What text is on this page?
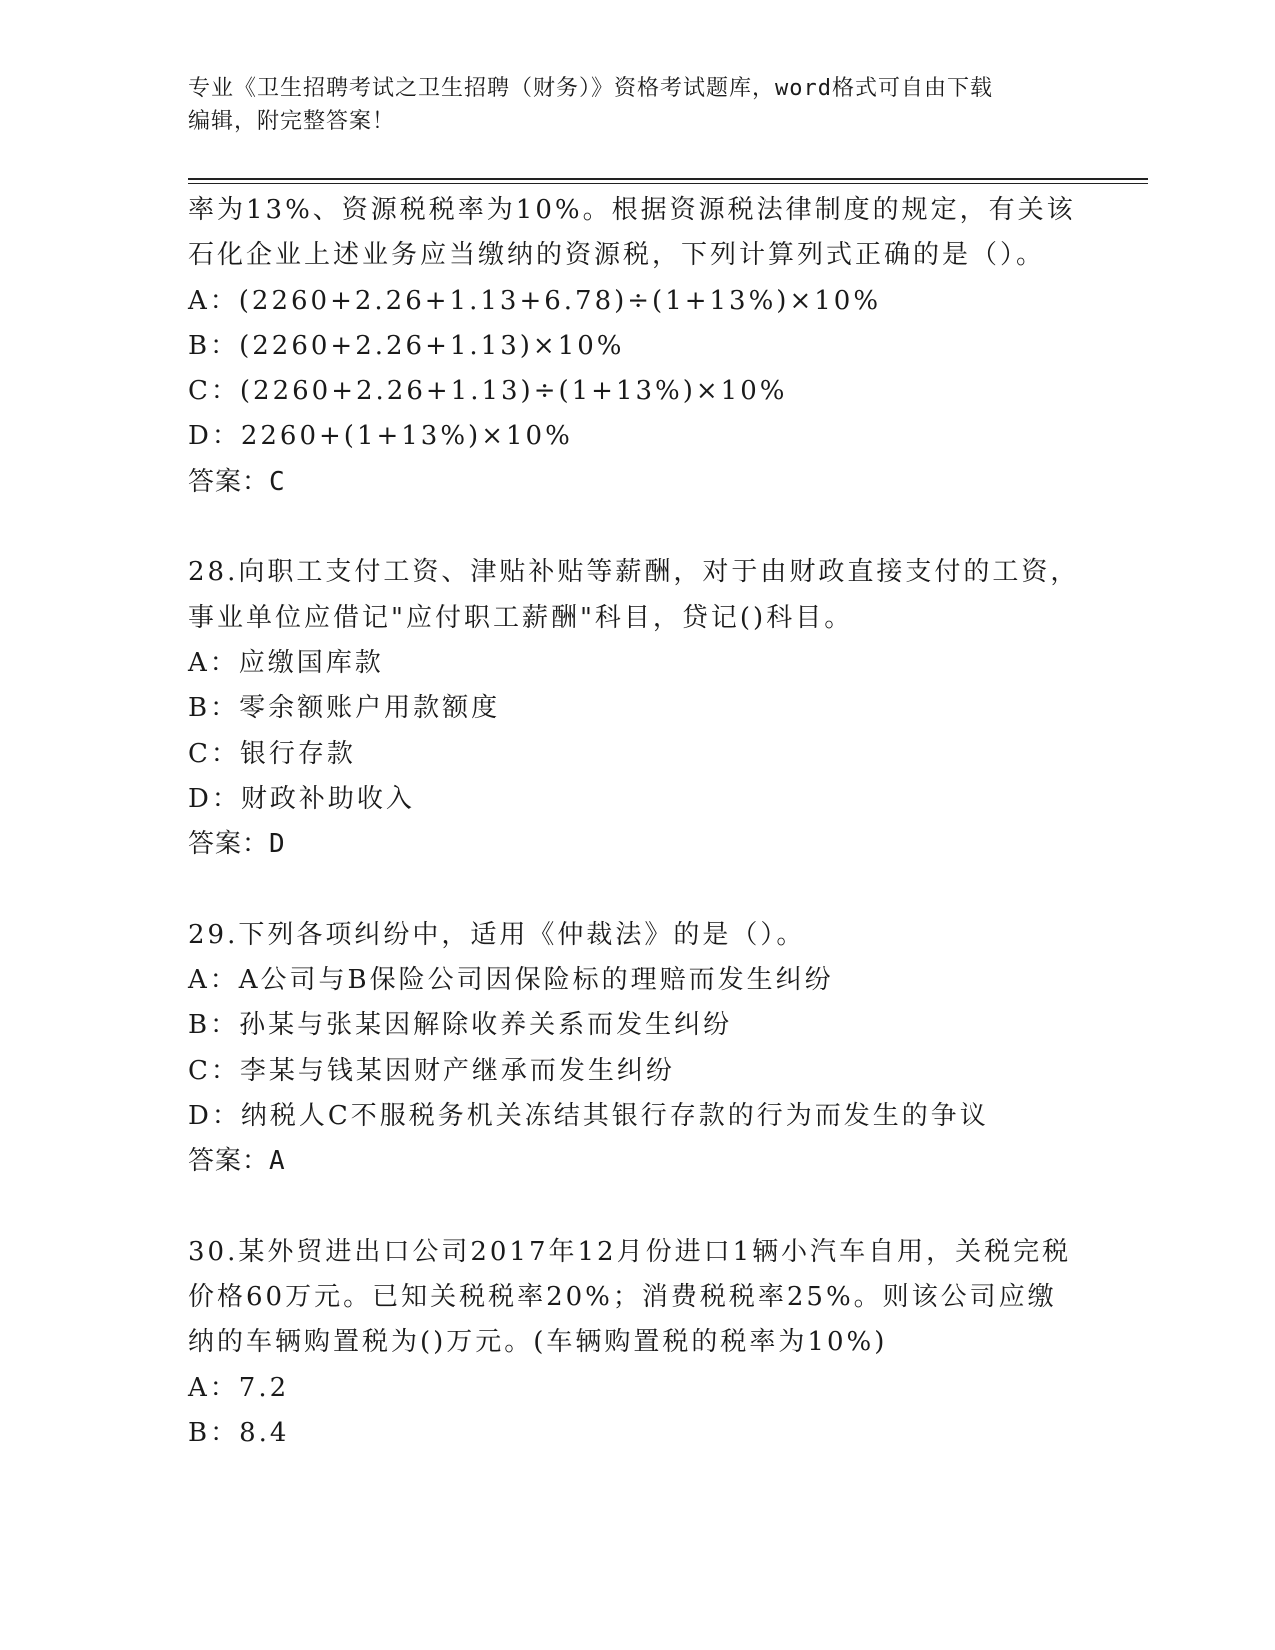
专业《卫生招聘考试之卫生招聘（财务）》资格考试题库，word格式可自由下载
编辑，附完整答案！
率为13%、资源税税率为10%。根据资源税法律制度的规定，有关该
石化企业上述业务应当缴纳的资源税，下列计算列式正确的是（）。
A：(2260+2.26+1.13+6.78)÷(1+13%)×10%
B：(2260+2.26+1.13)×10%
C：(2260+2.26+1.13)÷(1+13%)×10%
D：2260+(1+13%)×10%
答案：C
28.向职工支付工资、津贴补贴等薪酬，对于由财政直接支付的工资，
事业单位应借记"应付职工薪酬"科目，贷记()科目。
A：应缴国库款
B：零余额账户用款额度
C：银行存款
D：财政补助收入
答案：D
29.下列各项纠纷中，适用《仲裁法》的是（）。
A：A公司与B保险公司因保险标的理赔而发生纠纷
B：孙某与张某因解除收养关系而发生纠纷
C：李某与钱某因财产继承而发生纠纷
D：纳税人C不服税务机关冻结其银行存款的行为而发生的争议
答案：A
30.某外贸进出口公司2017年12月份进口1辆小汽车自用，关税完税
价格60万元。已知关税税率20%；消费税税率25%。则该公司应缴
纳的车辆购置税为()万元。(车辆购置税的税率为10%)
A：7.2
B：8.4
